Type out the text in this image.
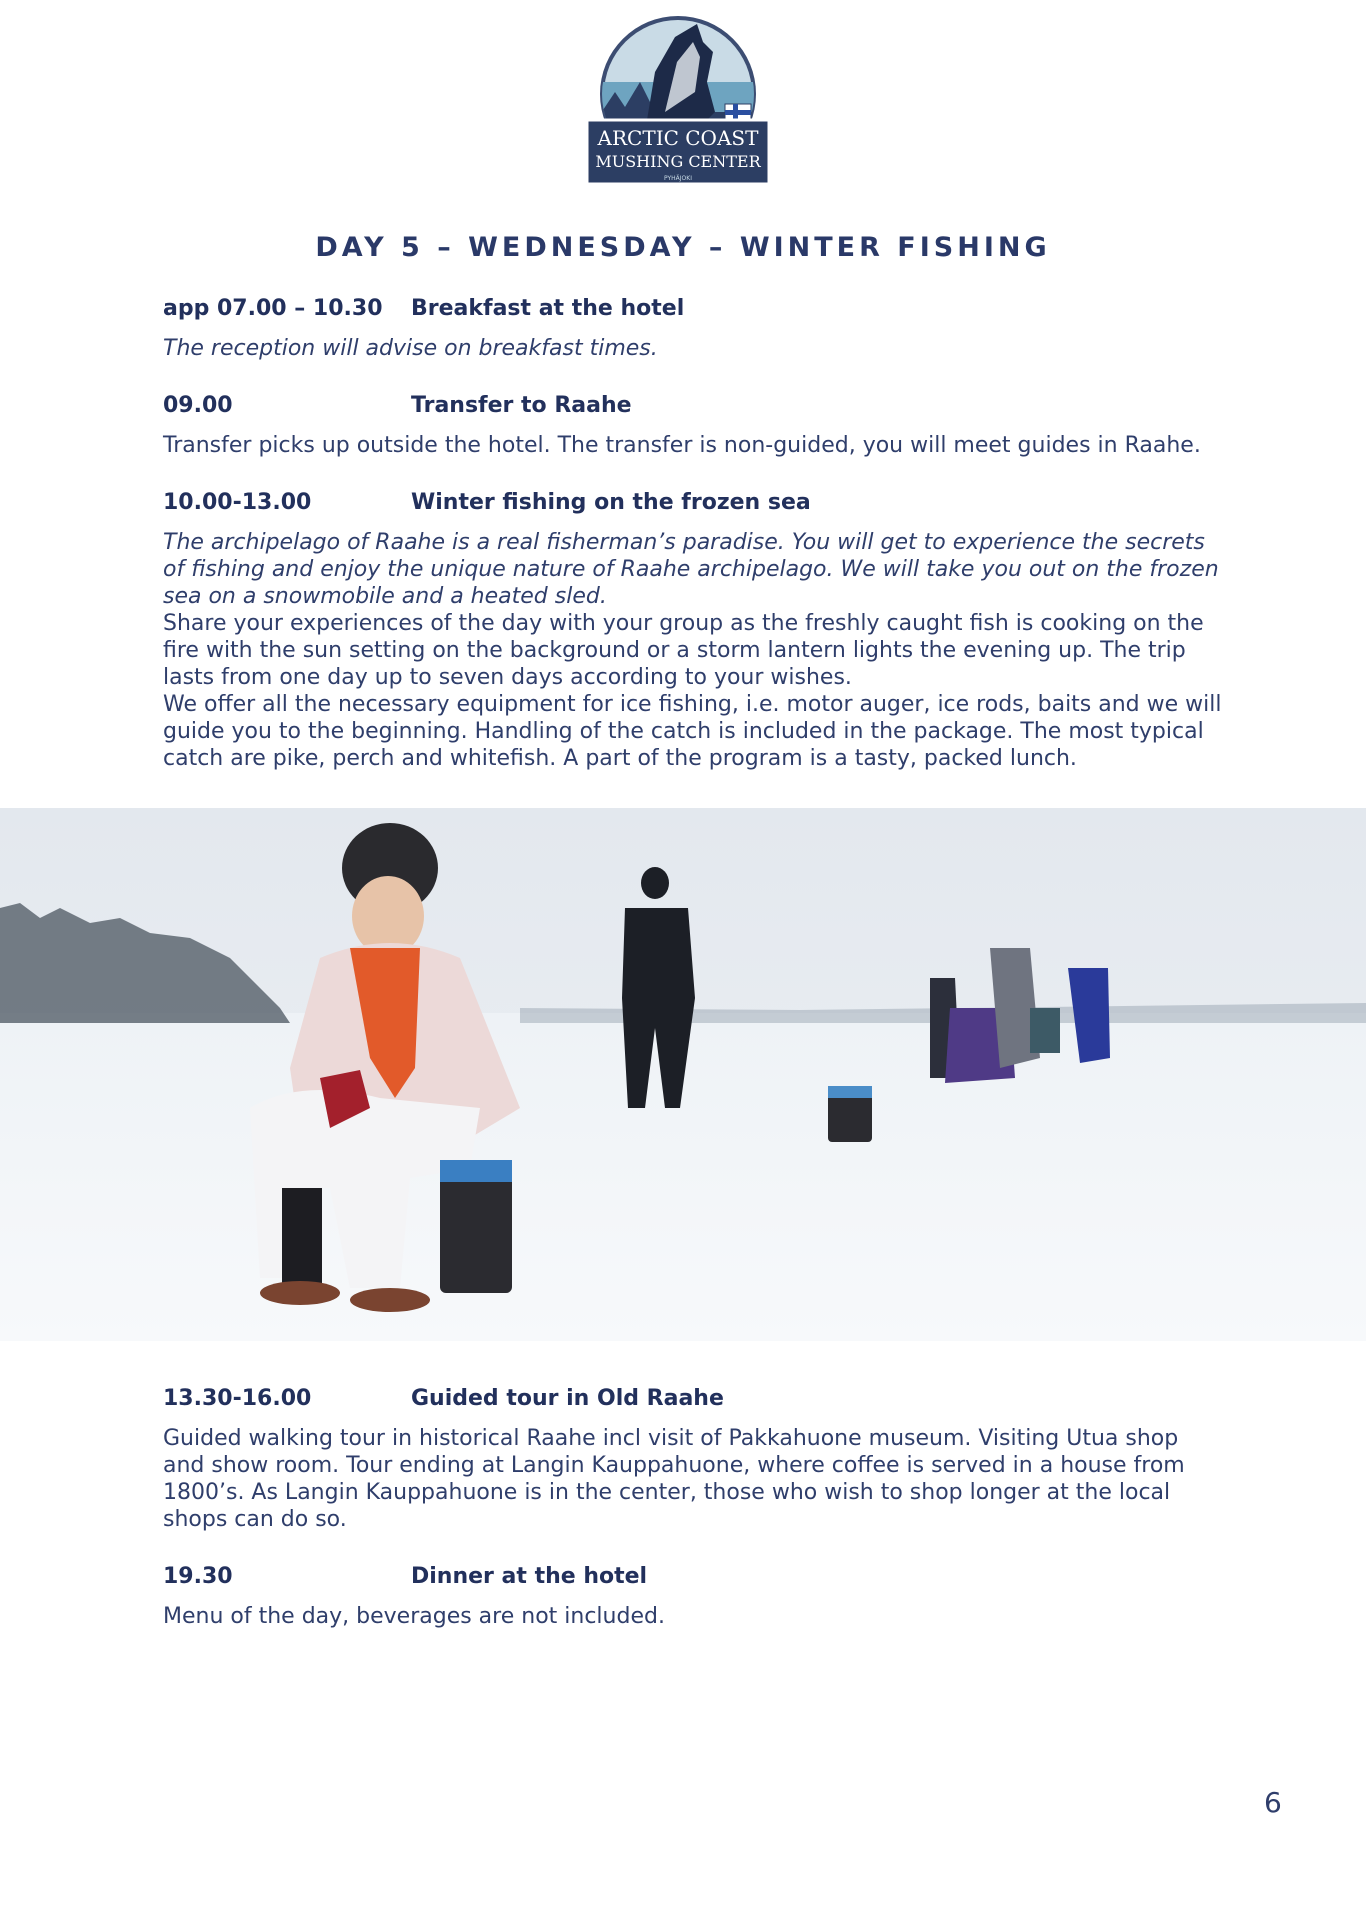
ARCTIC COAST
MUSHING CENTER
PYHÄJOKI
DAY 5 – WEDNESDAY – WINTER FISHING
app 07.00 – 10.30	Breakfast at the hotel
The reception will advise on breakfast times.
09.00	Transfer to Raahe
Transfer picks up outside the hotel. The transfer is non-guided, you will meet guides in Raahe.
10.00-13.00	Winter fishing on the frozen sea
The archipelago of Raahe is a real fisherman’s paradise. You will get to experience the secrets of fishing and enjoy the unique nature of Raahe archipelago. We will take you out on the frozen sea on a snowmobile and a heated sled.
Share your experiences of the day with your group as the freshly caught fish is cooking on the fire with the sun setting on the background or a storm lantern lights the evening up. The trip lasts from one day up to seven days according to your wishes.
We offer all the necessary equipment for ice fishing, i.e. motor auger, ice rods, baits and we will guide you to the beginning. Handling of the catch is included in the package. The most typical catch are pike, perch and whitefish. A part of the program is a tasty, packed lunch.
13.30-16.00	Guided tour in Old Raahe
Guided walking tour in historical Raahe incl visit of Pakkahuone museum. Visiting Utua shop and show room. Tour ending at Langin Kauppahuone, where coffee is served in a house from 1800’s. As Langin Kauppahuone is in the center, those who wish to shop longer at the local shops can do so.
19.30	Dinner at the hotel
Menu of the day, beverages are not included.
6
